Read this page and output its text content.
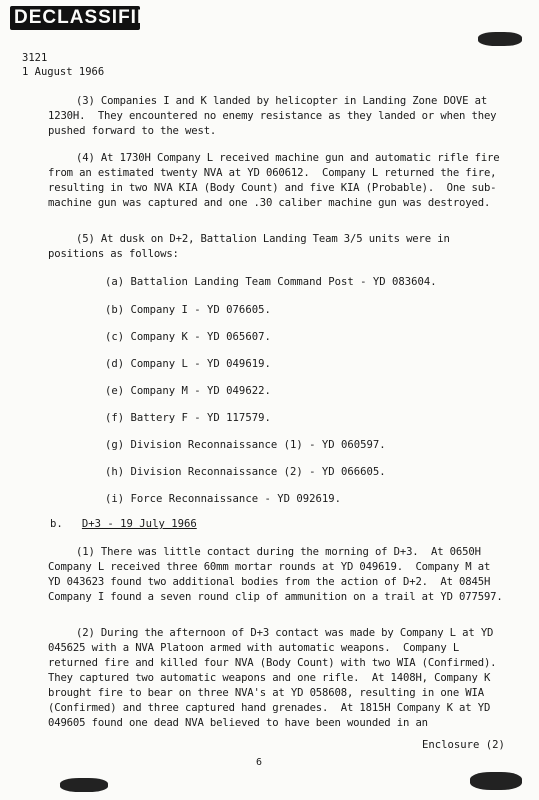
DECLASSIFIED
3121
1 August 1966
(3) Companies I and K landed by helicopter in Landing Zone DOVE at 1230H.  They encountered no enemy resistance as they landed or when they pushed forward to the west.
(4) At 1730H Company L received machine gun and automatic rifle fire from an estimated twenty NVA at YD 060612.  Company L returned the fire, resulting in two NVA KIA (Body Count) and five KIA (Probable).  One sub-machine gun was captured and one .30 caliber machine gun was destroyed.
(5) At dusk on D+2, Battalion Landing Team 3/5 units were in positions as follows:
(a) Battalion Landing Team Command Post - YD 083604.
(b) Company I - YD 076605.
(c) Company K - YD 065607.
(d) Company L - YD 049619.
(e) Company M - YD 049622.
(f) Battery F - YD 117579.
(g) Division Reconnaissance (1) - YD 060597.
(h) Division Reconnaissance (2) - YD 066605.
(i) Force Reconnaissance - YD 092619.
b. D+3 - 19 July 1966
(1) There was little contact during the morning of D+3.  At 0650H Company L received three 60mm mortar rounds at YD 049619.  Company M at YD 043623 found two additional bodies from the action of D+2.  At 0845H Company I found a seven round clip of ammunition on a trail at YD 077597.
(2) During the afternoon of D+3 contact was made by Company L at YD 045625 with a NVA Platoon armed with automatic weapons.  Company L returned fire and killed four NVA (Body Count) with two WIA (Confirmed).  They captured two automatic weapons and one rifle.  At 1408H, Company K brought fire to bear on three NVA's at YD 058608, resulting in one WIA (Confirmed) and three captured hand grenades.  At 1815H Company K at YD 049605 found one dead NVA believed to have been wounded in an
Enclosure (2)
6
